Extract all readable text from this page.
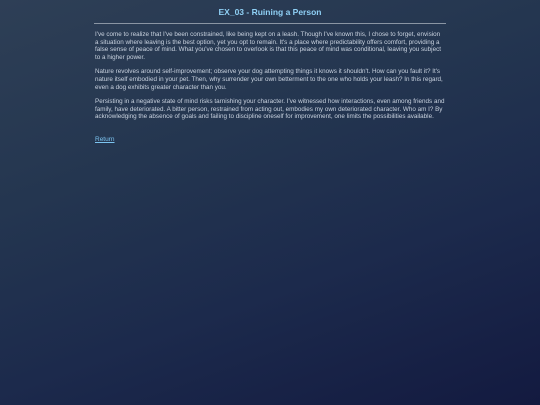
EX_03 - Ruining a Person

I've come to realize that I've been constrained, like being kept on a leash. Though I've known this, I chose to forget, envision a situation where leaving is the best option, yet you opt to remain. It's a place where predictability offers comfort, providing a false sense of peace of mind. What you've chosen to overlook is that this peace of mind was conditional, leaving you subject to a higher power.

Nature revolves around self-improvement; observe your dog attempting things it knows it shouldn't. How can you fault it? It's nature itself embodied in your pet. Then, why surrender your own betterment to the one who holds your leash? In this regard, even a dog exhibits greater character than you.

Persisting in a negative state of mind risks tarnishing your character. I've witnessed how interactions, even among friends and family, have deteriorated. A bitter person, restrained from acting out, embodies my own deteriorated character. Who am I? By acknowledging the absence of goals and failing to discipline oneself for improvement, one limits the possibilities available.

Return
